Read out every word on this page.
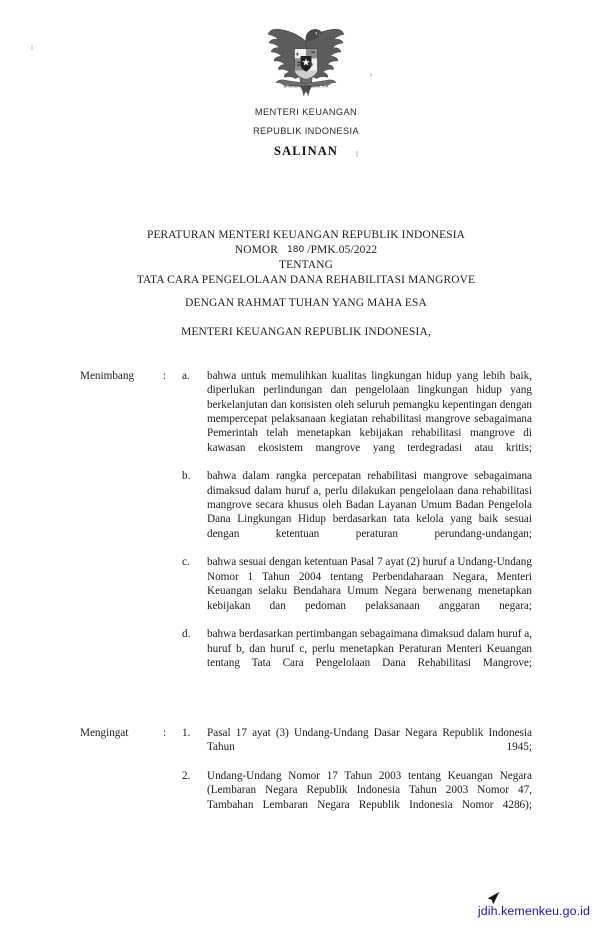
BHINNEKA TUNGGAL IKA
MENTERI KEUANGAN
REPUBLIK INDONESIA
SALINAN
PERATURAN MENTERI KEUANGAN REPUBLIK INDONESIA
NOMOR 180 /PMK.05/2022
TENTANG
TATA CARA PENGELOLAAN DANA REHABILITASI MANGROVE
DENGAN RAHMAT TUHAN YANG MAHA ESA
MENTERI KEUANGAN REPUBLIK INDONESIA,
Menimbang	:	a.	bahwa untuk memulihkan kualitas lingkungan hidup yang lebih baik, diperlukan perlindungan dan pengelolaan lingkungan hidup yang berkelanjutan dan konsisten oleh seluruh pemangku kepentingan dengan mempercepat pelaksanaan kegiatan rehabilitasi mangrove sebagaimana Pemerintah telah menetapkan kebijakan rehabilitasi mangrove di kawasan ekosistem mangrove yang terdegradasi atau kritis;
b.	bahwa dalam rangka percepatan rehabilitasi mangrove sebagaimana dimaksud dalam huruf a, perlu dilakukan pengelolaan dana rehabilitasi mangrove secara khusus oleh Badan Layanan Umum Badan Pengelola Dana Lingkungan Hidup berdasarkan tata kelola yang baik sesuai dengan ketentuan peraturan perundang-undangan;
c.	bahwa sesuai dengan ketentuan Pasal 7 ayat (2) huruf a Undang-Undang Nomor 1 Tahun 2004 tentang Perbendaharaan Negara, Menteri Keuangan selaku Bendahara Umum Negara berwenang menetapkan kebijakan dan pedoman pelaksanaan anggaran negara;
d.	bahwa berdasarkan pertimbangan sebagaimana dimaksud dalam huruf a, huruf b, dan huruf c, perlu menetapkan Peraturan Menteri Keuangan tentang Tata Cara Pengelolaan Dana Rehabilitasi Mangrove;
Mengingat	:	1.	Pasal 17 ayat (3) Undang-Undang Dasar Negara Republik Indonesia Tahun 1945;
2.	Undang-Undang Nomor 17 Tahun 2003 tentang Keuangan Negara (Lembaran Negara Republik Indonesia Tahun 2003 Nomor 47, Tambahan Lembaran Negara Republik Indonesia Nomor 4286);
jdih.kemenkeu.go.id
